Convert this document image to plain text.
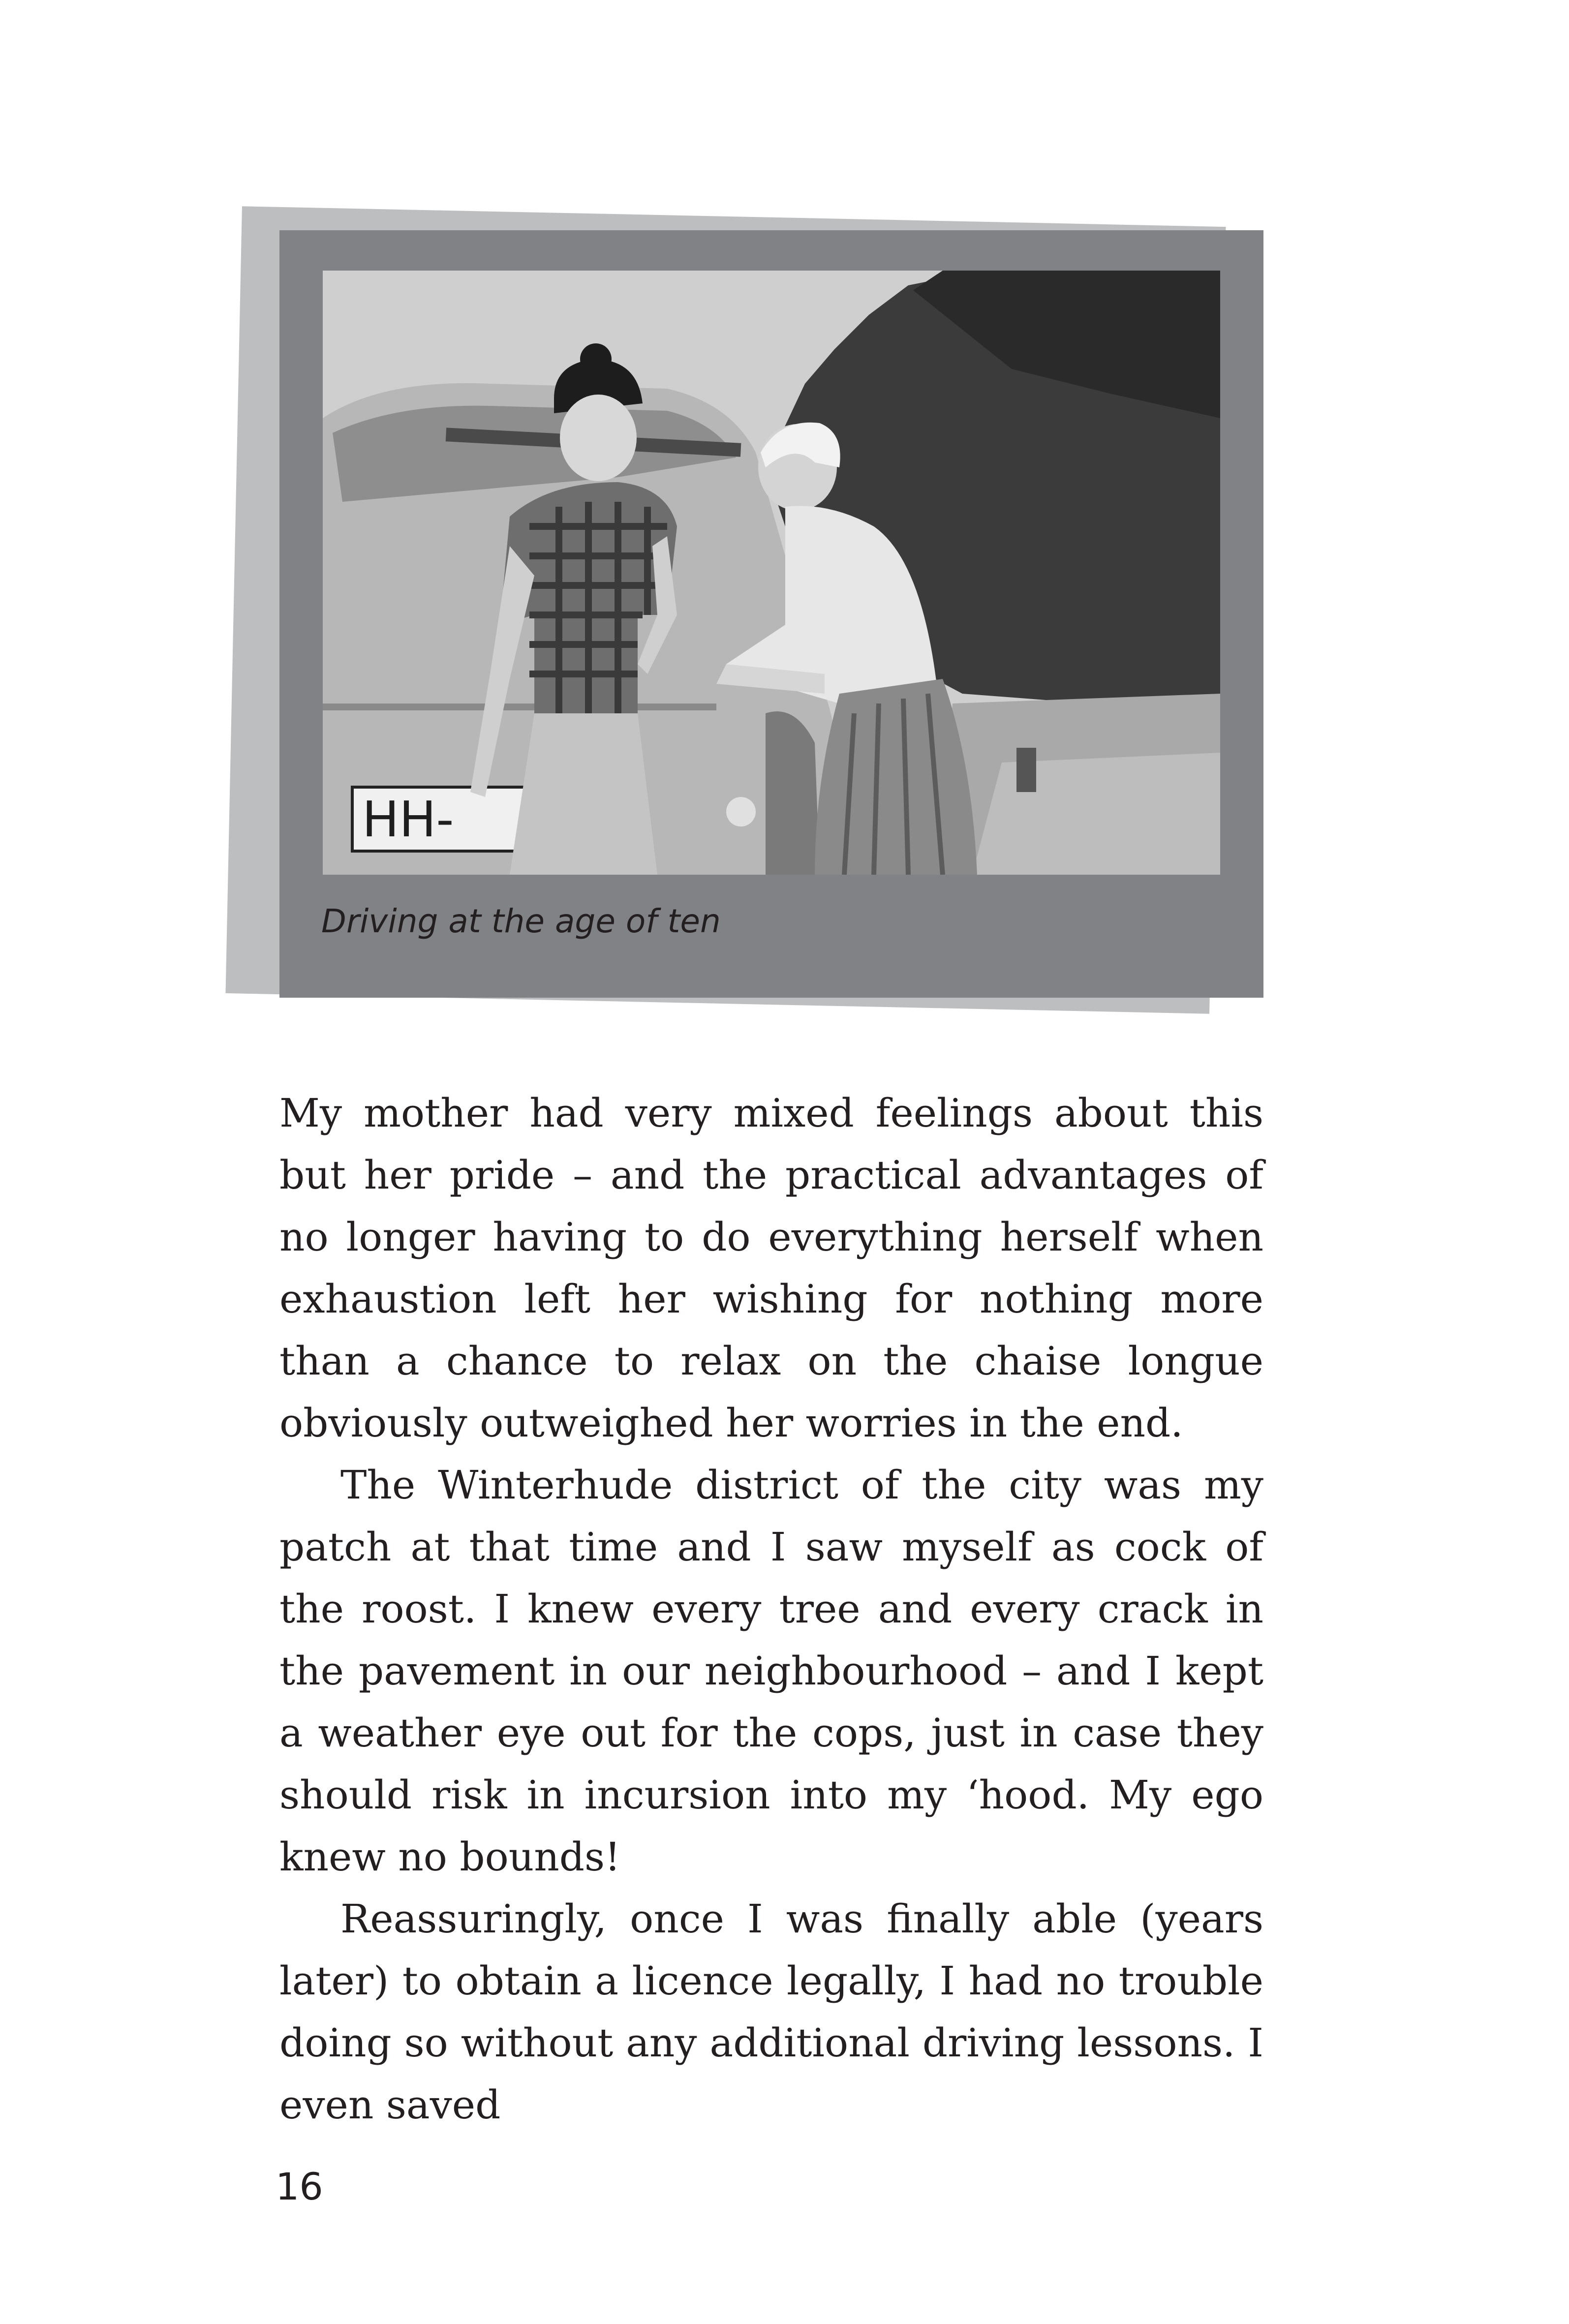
HH-
Driving at the age of ten

My mother had very mixed feelings about this but her pride – and the practical advantages of no longer having to do everything herself when exhaustion left her wishing for nothing more than a chance to relax on the chaise longue obviously outweighed her worries in the end.

The Winterhude district of the city was my patch at that time and I saw myself as cock of the roost. I knew every tree and every crack in the pavement in our neighbourhood – and I kept a weather eye out for the cops, just in case they should risk in incursion into my ‘hood. My ego knew no bounds!

Reassuringly, once I was finally able (years later) to obtain a licence legally, I had no trouble doing so without any additional driving lessons. I even saved

16
